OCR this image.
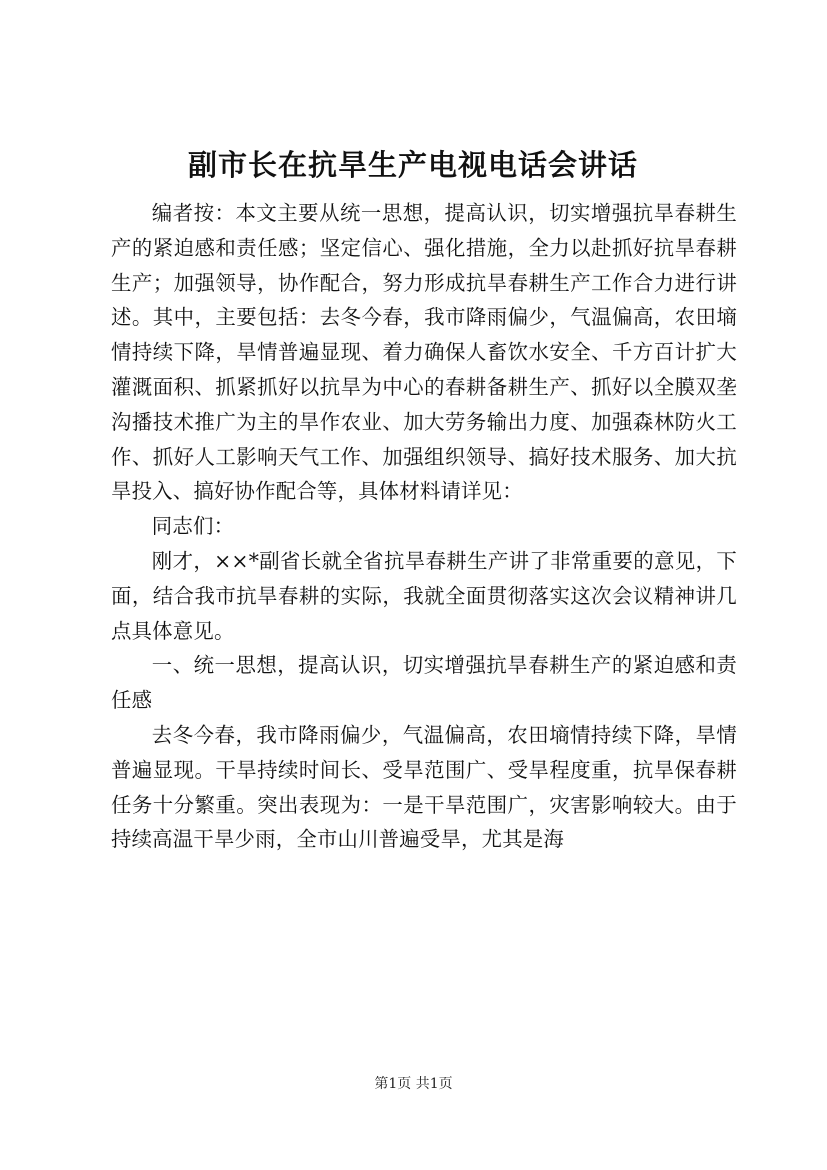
副市长在抗旱生产电视电话会讲话

编者按：本文主要从统一思想，提高认识，切实增强抗旱春耕生产的紧迫感和责任感；坚定信心、强化措施，全力以赴抓好抗旱春耕生产；加强领导，协作配合，努力形成抗旱春耕生产工作合力进行讲述。其中，主要包括：去冬今春，我市降雨偏少，气温偏高，农田墒情持续下降，旱情普遍显现、着力确保人畜饮水安全、千方百计扩大灌溉面积、抓紧抓好以抗旱为中心的春耕备耕生产、抓好以全膜双垄沟播技术推广为主的旱作农业、加大劳务输出力度、加强森林防火工作、抓好人工影响天气工作、加强组织领导、搞好技术服务、加大抗旱投入、搞好协作配合等，具体材料请详见：

同志们：

刚才，××*副省长就全省抗旱春耕生产讲了非常重要的意见，下面，结合我市抗旱春耕的实际，我就全面贯彻落实这次会议精神讲几点具体意见。

一、统一思想，提高认识，切实增强抗旱春耕生产的紧迫感和责任感

去冬今春，我市降雨偏少，气温偏高，农田墒情持续下降，旱情普遍显现。干旱持续时间长、受旱范围广、受旱程度重，抗旱保春耕任务十分繁重。突出表现为：一是干旱范围广，灾害影响较大。由于持续高温干旱少雨，全市山川普遍受旱，尤其是海

第1页 共1页
